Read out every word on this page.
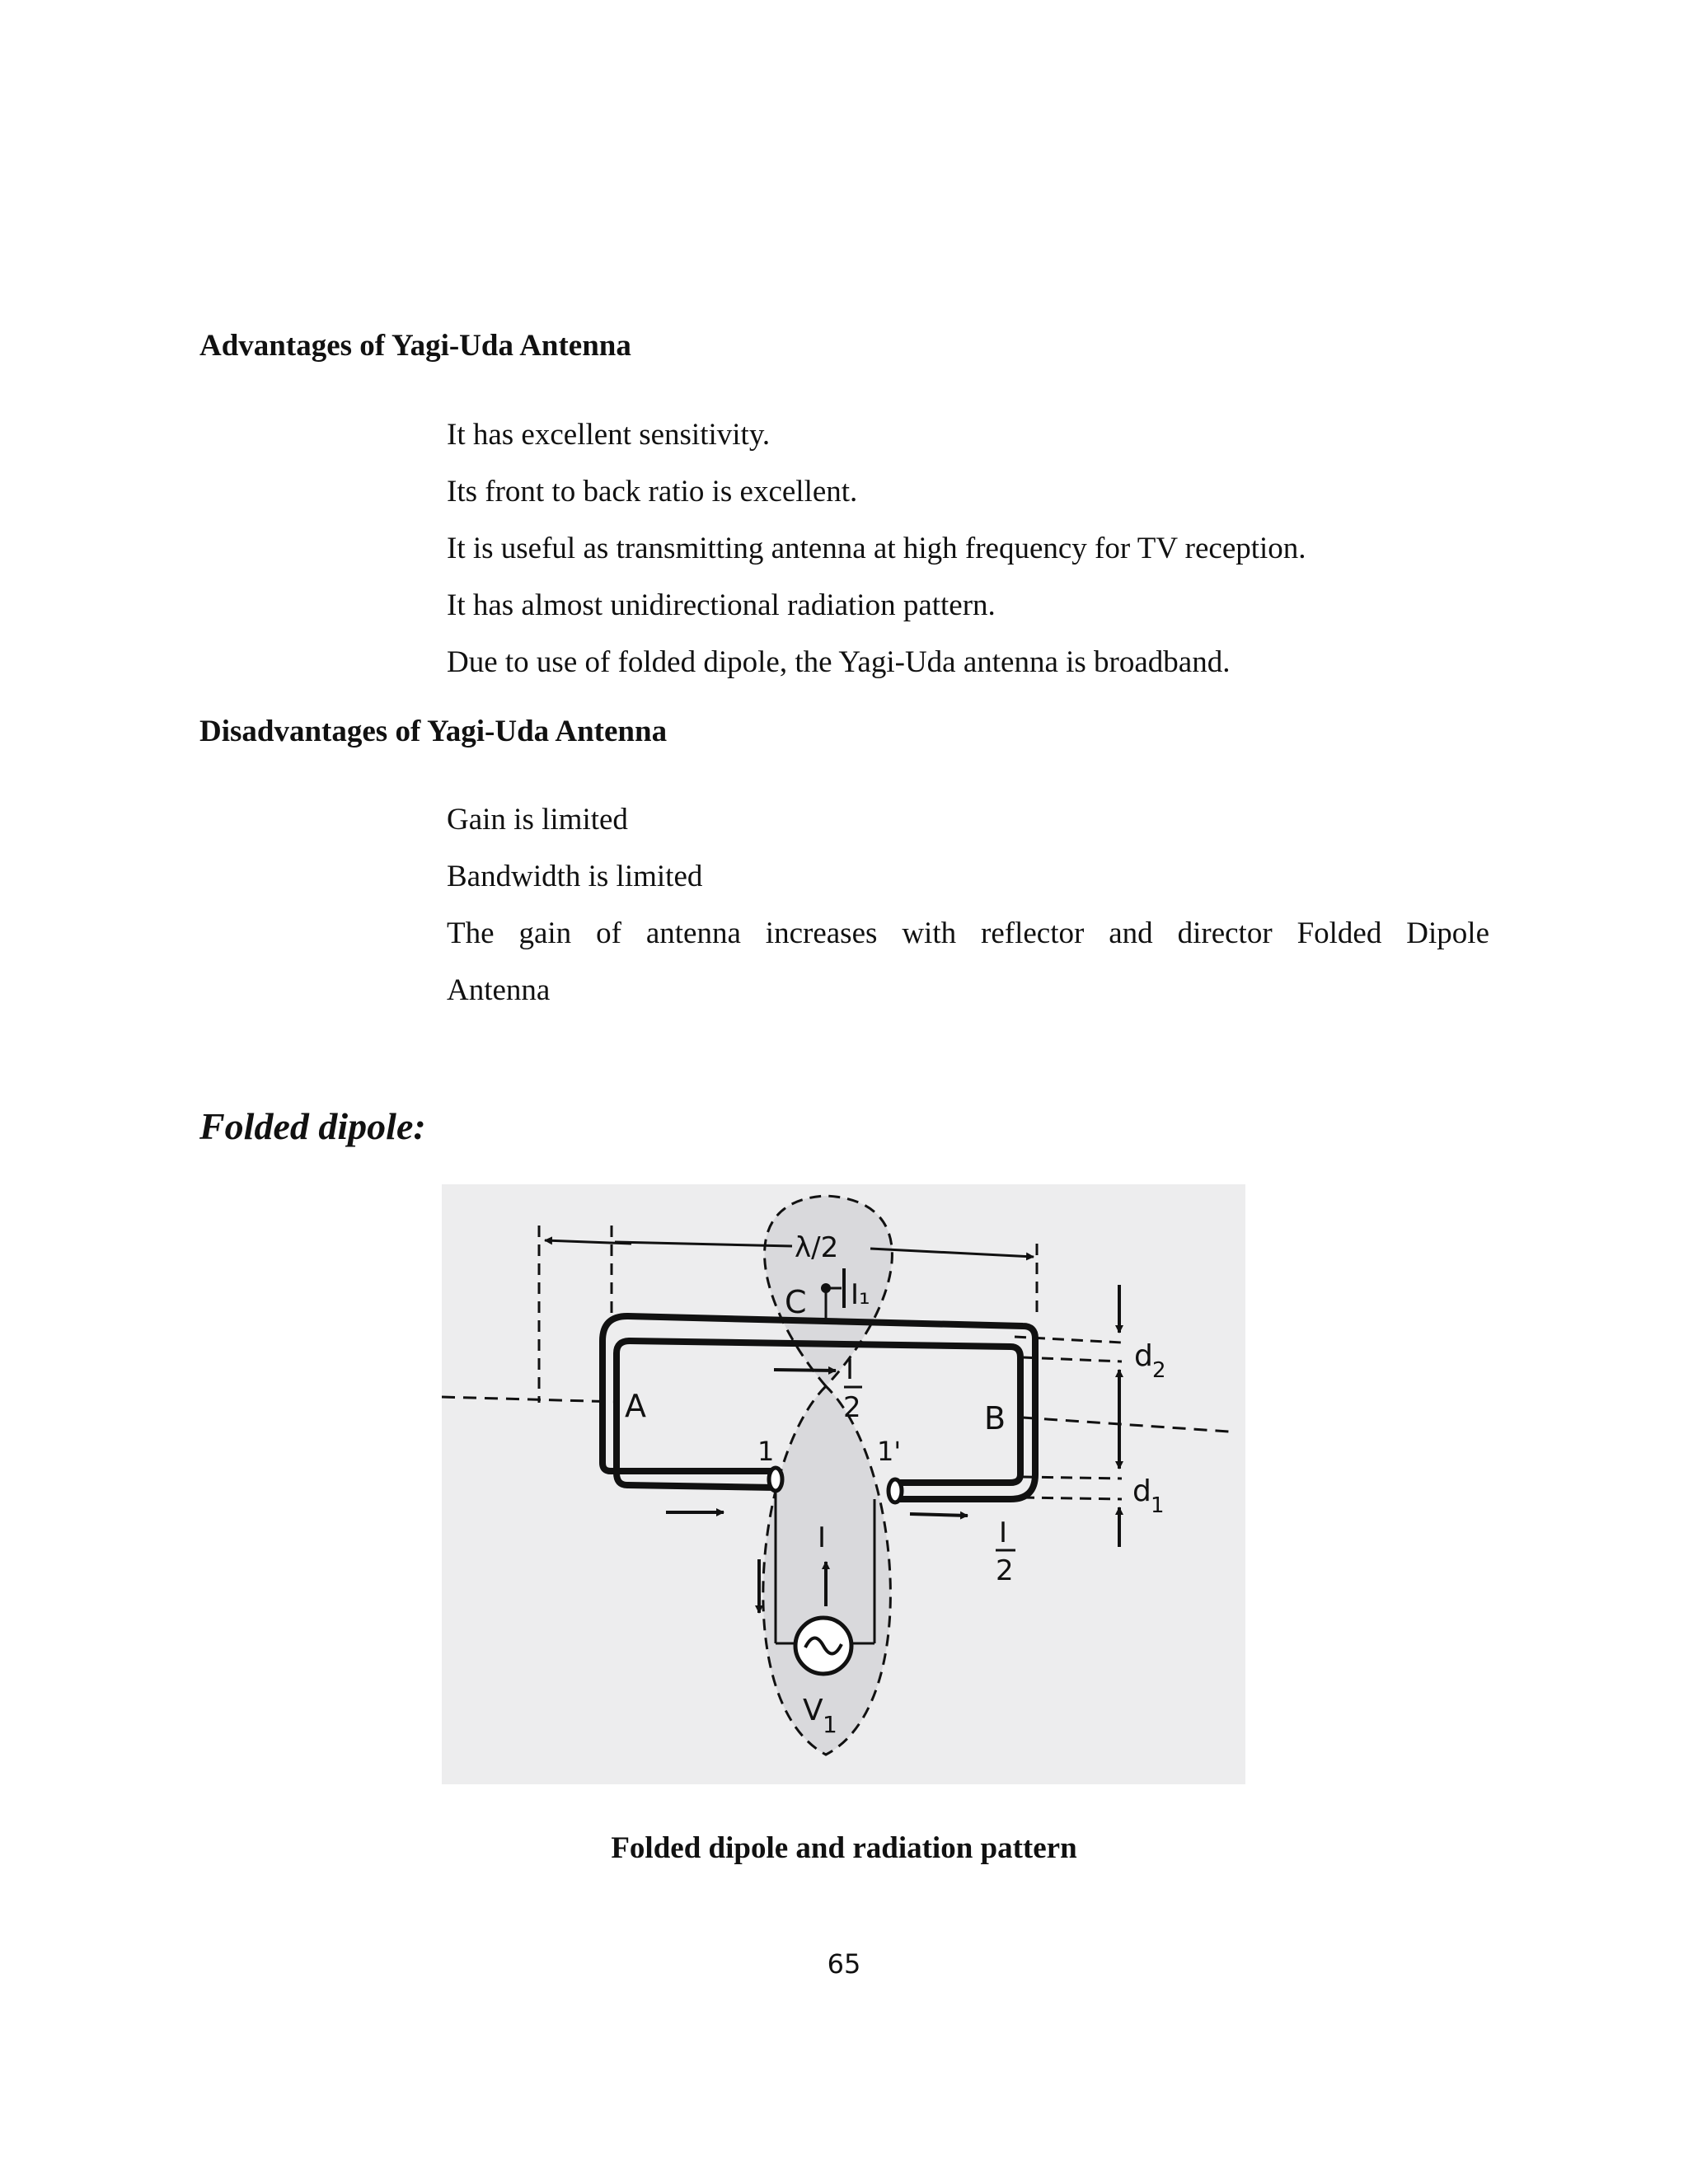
Advantages of Yagi-Uda Antenna
It has excellent sensitivity.
Its front to back ratio is excellent.
It is useful as transmitting antenna at high frequency for TV reception.
It has almost unidirectional radiation pattern.
Due to use of folded dipole, the Yagi-Uda antenna is broadband.
Disadvantages of Yagi-Uda Antenna
Gain is limited
Bandwidth is limited
The gain of antenna increases with reflector and director Folded Dipole
Antenna
Folded dipole:
λ/2
C I₁
I
2
I
2
A	B
1	1'
I
V 1
d 2
d 1

Folded dipole and radiation pattern

65
